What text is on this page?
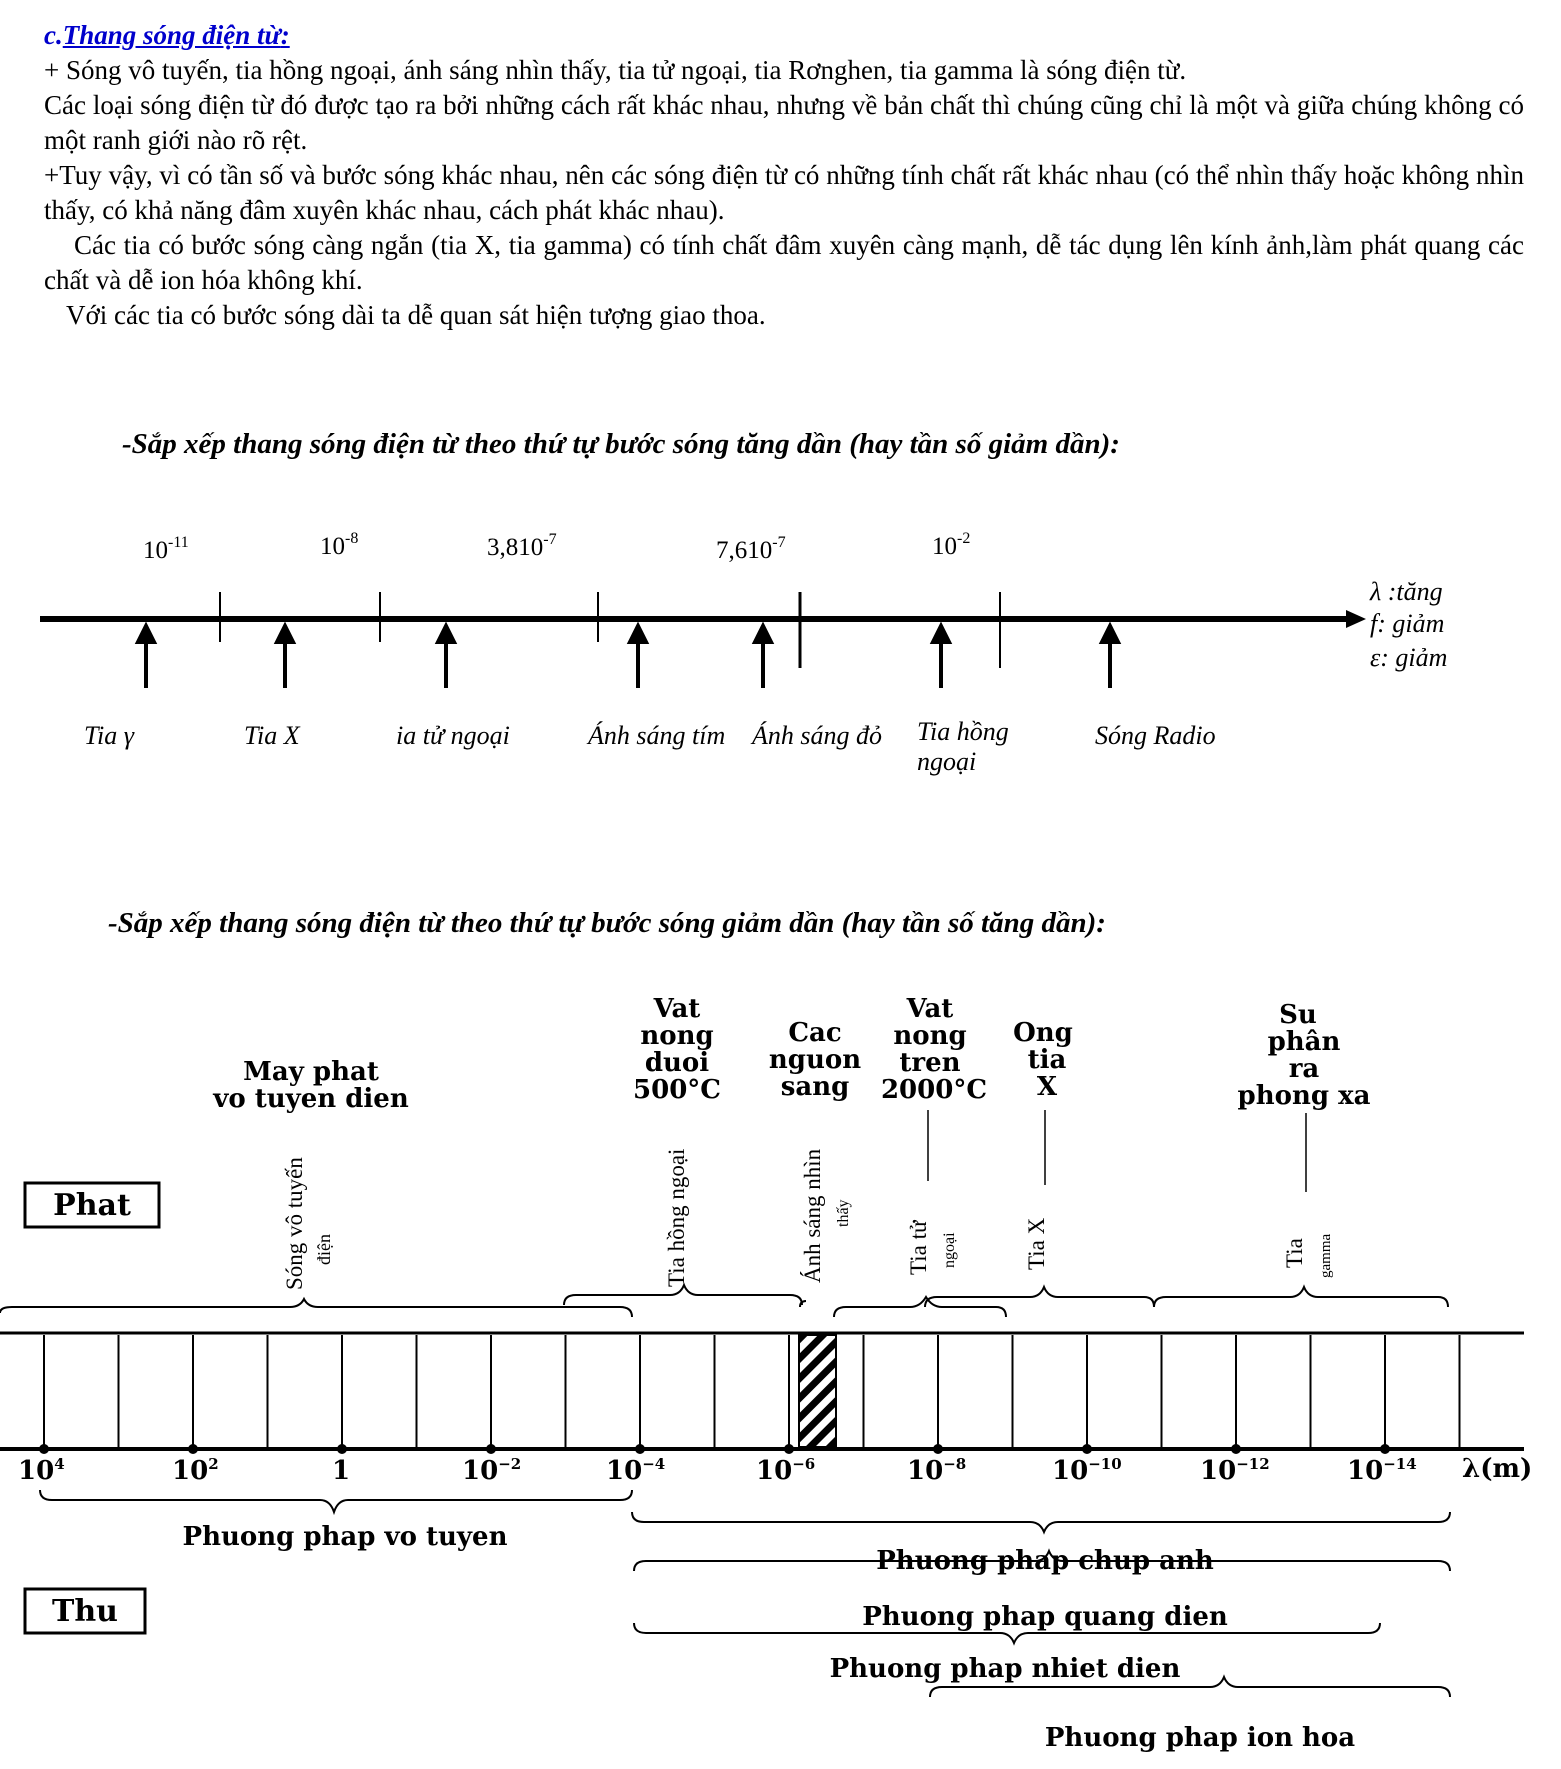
c.Thang sóng điện từ:

+ Sóng vô tuyến, tia hồng ngoại, ánh sáng nhìn thấy, tia tử ngoại, tia Rơnghen, tia gamma là sóng điện từ.

Các loại sóng điện từ đó được tạo ra bởi những cách rất khác nhau, nhưng về bản chất thì chúng cũng chỉ là một và giữa chúng không có một ranh giới nào rõ rệt.

+Tuy vậy, vì có tần số và bước sóng khác nhau, nên các sóng điện từ có những tính chất rất khác nhau (có thể nhìn thấy hoặc không nhìn thấy, có khả năng đâm xuyên khác nhau, cách phát khác nhau).

Các tia có bước sóng càng ngắn (tia X, tia gamma) có tính chất đâm xuyên càng mạnh, dễ tác dụng lên kính ảnh,làm phát quang các chất và dễ ion hóa không khí.

Với các tia có bước sóng dài ta dễ quan sát hiện tượng giao thoa.

-Sắp xếp thang sóng điện từ theo thứ tự bước sóng tăng dần (hay tần số giảm dần):
$10^{-11}$	$10^{-8}$	$3,810^{-7}$	$7,610^{-7}$	$10^{-2}$
λ :tăng
f: giảm
ε: giảm
Tia γ	Tia X	ia tử ngoại	Ánh sáng tím Ánh sáng đỏ Tia hồng
ngoại
Sóng Radio
-Sắp xếp thang sóng điện từ theo thứ tự bước sóng giảm dần (hay tần số tăng dần):
May phat
vo tuyen dien
Vat
nong
duoi
500°C
Cac
nguon
sang
Vat
nong
tren
2000°C
Ong
tia
X
Su
phân
ra
phong xa
Phat	Sóng vô tuyến điện	Tia hồng ngoại	Ánh sáng nhìn thấy
Tia tử ngoại	Tia X	Tia gamma
$10^4$	$10^2$	1	$10^{-2}$	$10^{-4}$	$10^{-6}$	$10^{-8}$	$10^{-10}$	$10^{-12}$	$10^{-14}$ λ(m)
Phuong phap vo tuyen
Phuong phap chup anh
Phuong phap quang dien
Phuong phap nhiet dien
Phuong phap ion hoa
Thu
